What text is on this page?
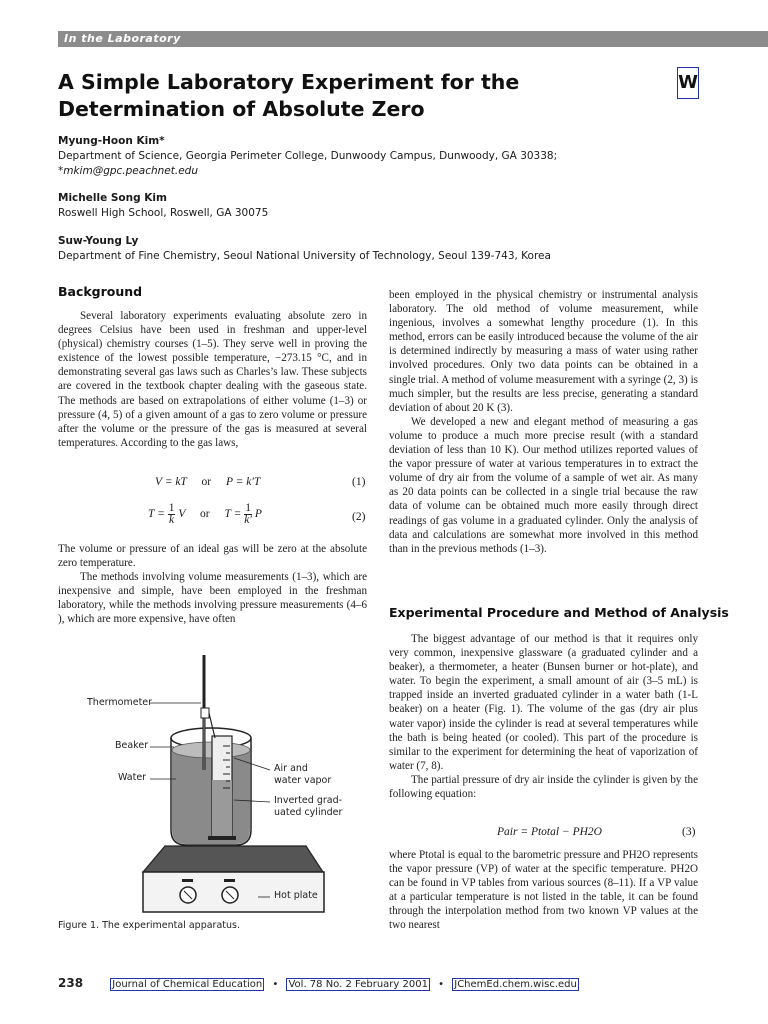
In the Laboratory
A Simple Laboratory Experiment for the Determination of Absolute Zero
W
Myung-Hoon Kim*
Department of Science, Georgia Perimeter College, Dunwoody Campus, Dunwoody, GA 30338;
*mkim@gpc.peachnet.edu
Michelle Song Kim
Roswell High School, Roswell, GA 30075
Suw-Young Ly
Department of Fine Chemistry, Seoul National University of Technology, Seoul 139-743, Korea
Background

Several laboratory experiments evaluating absolute zero in degrees Celsius have been used in freshman and upper-level (physical) chemistry courses (1–5). They serve well in proving the existence of the lowest possible temperature, −273.15 °C, and in demonstrating several gas laws such as Charles’s law. These subjects are covered in the textbook chapter dealing with the gaseous state. The methods are based on extrapolations of either volume (1–3) or pressure (4, 5) of a given amount of a gas to zero volume or pressure after the volume or the pressure of the gas is measured at several temperatures. According to the gas laws,

V = kT or P = k′T	(1)
$T = \frac{1}{k}$ V or $T = \frac{1}{k'}$ P	(2)

The volume or pressure of an ideal gas will be zero at the absolute zero temperature.

The methods involving volume measurements (1–3), which are inexpensive and simple, have been employed in the freshman laboratory, while the methods involving pressure measurements (4–6 ), which are more expensive, have often

Thermometer
Beaker
Water
Air and
water vapor
Inverted grad-
uated cylinder
Hot plate
Figure 1. The experimental apparatus.

been employed in the physical chemistry or instrumental analysis laboratory. The old method of volume measurement, while ingenious, involves a somewhat lengthy procedure (1). In this method, errors can be easily introduced because the volume of the air is determined indirectly by measuring a mass of water using rather involved procedures. Only two data points can be obtained in a single trial. A method of volume measurement with a syringe (2, 3) is much simpler, but the results are less precise, generating a standard deviation of about 20 K (3).

We developed a new and elegant method of measuring a gas volume to produce a much more precise result (with a standard deviation of less than 10 K). Our method utilizes reported values of the vapor pressure of water at various temperatures in to extract the volume of dry air from the volume of a sample of wet air. As many as 20 data points can be collected in a single trial because the raw data of volume can be obtained much more easily through direct readings of gas volume in a graduated cylinder. Only the analysis of data and calculations are somewhat more involved in this method than in the previous methods (1–3).

Experimental Procedure and Method of Analysis

The biggest advantage of our method is that it requires only very common, inexpensive glassware (a graduated cylinder and a beaker), a thermometer, a heater (Bunsen burner or hot-plate), and water. To begin the experiment, a small amount of air (3–5 mL) is trapped inside an inverted graduated cylinder in a water bath (1-L beaker) on a heater (Fig. 1). The volume of the gas (dry air plus water vapor) inside the cylinder is read at several temperatures while the bath is being heated (or cooled). This part of the procedure is similar to the experiment for determining the heat of vaporization of water (7, 8).

The partial pressure of dry air inside the cylinder is given by the following equation:

Pair = Ptotal − PH2O	(3)

where Ptotal is equal to the barometric pressure and PH2O represents the vapor pressure (VP) of water at the specific temperature. PH2O can be found in VP tables from various sources (8–11). If a VP value at a particular temperature is not listed in the table, it can be found through the interpolation method from two known VP values at the two nearest

238	Journal of Chemical Education • Vol. 78 No. 2 February 2001 • JChemEd.chem.wisc.edu
